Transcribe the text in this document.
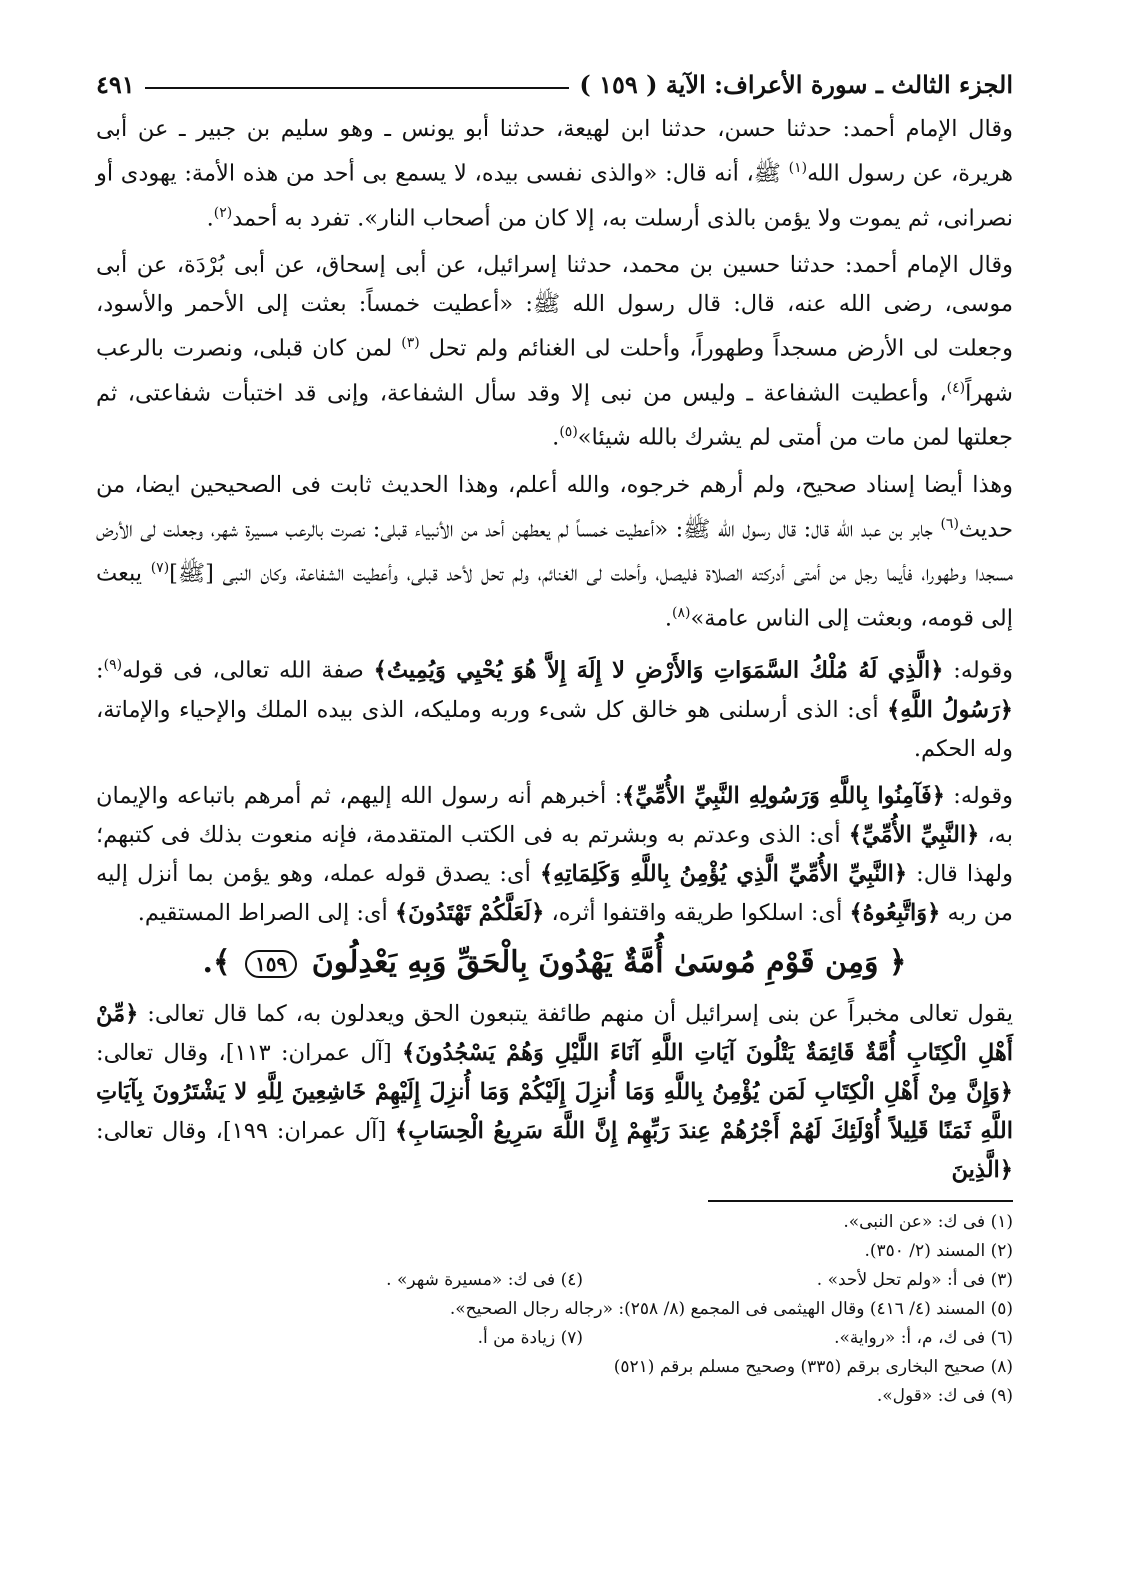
الجزء الثالث ـ سورة الأعراف: الآية ( ١٥٩ )
٤٩١

وقال الإمام أحمد: حدثنا حسن، حدثنا ابن لهيعة، حدثنا أبو يونس ـ وهو سليم بن جبير ـ عن أبى هريرة، عن رسول الله$^{(١)}$ ﷺ، أنه قال: «والذى نفسى بيده، لا يسمع بى أحد من هذه الأمة: يهودى أو نصرانى، ثم يموت ولا يؤمن بالذى أرسلت به، إلا كان من أصحاب النار». تفرد به أحمد$^{(٢)}$.

وقال الإمام أحمد: حدثنا حسين بن محمد، حدثنا إسرائيل، عن أبى إسحاق، عن أبى بُرْدَة، عن أبى موسى، رضى الله عنه، قال: قال رسول الله ﷺ: «أعطيت خمساً: بعثت إلى الأحمر والأسود، وجعلت لى الأرض مسجداً وطهوراً، وأحلت لى الغنائم ولم تحل $^{(٣)}$ لمن كان قبلى، ونصرت بالرعب شهراً$^{(٤)}$، وأعطيت الشفاعة ـ وليس من نبى إلا وقد سأل الشفاعة، وإنى قد اختبأت شفاعتى، ثم جعلتها لمن مات من أمتى لم يشرك بالله شيئا»$^{(٥)}$.

وهذا أيضا إسناد صحيح، ولم أرهم خرجوه، والله أعلم، وهذا الحديث ثابت فى الصحيحين ايضا، من حديث$^{(٦)}$ جابر بن عبد الله قال: قال رسول الله ﷺ: «أعطيت خمساً لم يعطهن أحد من الأنبياء قبلى: نصرت بالرعب مسيرة شهر، وجعلت لى الأرض مسجدا وطهورا، فأيما رجل من أمتى أدركته الصلاة فليصل، وأحلت لى الغنائم، ولم تحل لأحد قبلى، وأعطيت الشفاعة، وكان النبى [ﷺ]$^{(٧)}$ يبعث إلى قومه، وبعثت إلى الناس عامة»$^{(٨)}$.

وقوله: ﴿الَّذِي لَهُ مُلْكُ السَّمَوَاتِ وَالأَرْضِ لا إِلَهَ إِلاَّ هُوَ يُحْيِي وَيُمِيتُ﴾ صفة الله تعالى، فى قوله$^{(٩)}$: ﴿رَسُولُ اللَّهِ﴾ أى: الذى أرسلنى هو خالق كل شىء وربه ومليكه، الذى بيده الملك والإحياء والإماتة، وله الحكم.

وقوله: ﴿فَآمِنُوا بِاللَّهِ وَرَسُولِهِ النَّبِيِّ الأُمِّيِّ﴾: أخبرهم أنه رسول الله إليهم، ثم أمرهم باتباعه والإيمان به، ﴿النَّبِيِّ الأُمِّيِّ﴾ أى: الذى وعدتم به وبشرتم به فى الكتب المتقدمة، فإنه منعوت بذلك فى كتبهم؛ ولهذا قال: ﴿النَّبِيِّ الأُمِّيِّ الَّذِي يُؤْمِنُ بِاللَّهِ وَكَلِمَاتِهِ﴾ أى: يصدق قوله عمله، وهو يؤمن بما أنزل إليه من ربه ﴿وَاتَّبِعُوهُ﴾ أى: اسلكوا طريقه واقتفوا أثره، ﴿لَعَلَّكُمْ تَهْتَدُونَ﴾ أى: إلى الصراط المستقيم.

﴿ وَمِن قَوْمِ مُوسَىٰ أُمَّةٌ يَهْدُونَ بِالْحَقِّ وَبِهِ يَعْدِلُونَ ١٥٩ ﴾.

يقول تعالى مخبراً عن بنى إسرائيل أن منهم طائفة يتبعون الحق ويعدلون به، كما قال تعالى: ﴿مِّنْ أَهْلِ الْكِتَابِ أُمَّةٌ قَائِمَةٌ يَتْلُونَ آيَاتِ اللَّهِ آنَاءَ اللَّيْلِ وَهُمْ يَسْجُدُونَ﴾ [آل عمران: ١١٣]، وقال تعالى: ﴿وَإِنَّ مِنْ أَهْلِ الْكِتَابِ لَمَن يُؤْمِنُ بِاللَّهِ وَمَا أُنزِلَ إِلَيْكُمْ وَمَا أُنزِلَ إِلَيْهِمْ خَاشِعِينَ لِلَّهِ لا يَشْتَرُونَ بِآيَاتِ اللَّهِ ثَمَنًا قَلِيلاً أُوْلَئِكَ لَهُمْ أَجْرُهُمْ عِندَ رَبِّهِمْ إِنَّ اللَّهَ سَرِيعُ الْحِسَابِ﴾ [آل عمران: ١٩٩]، وقال تعالى: ﴿الَّذِينَ

(١) فى ك: «عن النبى».

(٢) المسند (٢/ ٣٥٠).

(٣) فى أ: «ولم تحل لأحد» .

(٤) فى ك: «مسيرة شهر» .

(٥) المسند (٤/ ٤١٦) وقال الهيثمى فى المجمع (٨/ ٢٥٨): «رجاله رجال الصحيح».

(٦) فى ك، م، أ: «رواية».

(٧) زيادة من أ.

(٨) صحيح البخارى برقم (٣٣٥) وصحيح مسلم برقم (٥٢١)

(٩) فى ك: «قول».
